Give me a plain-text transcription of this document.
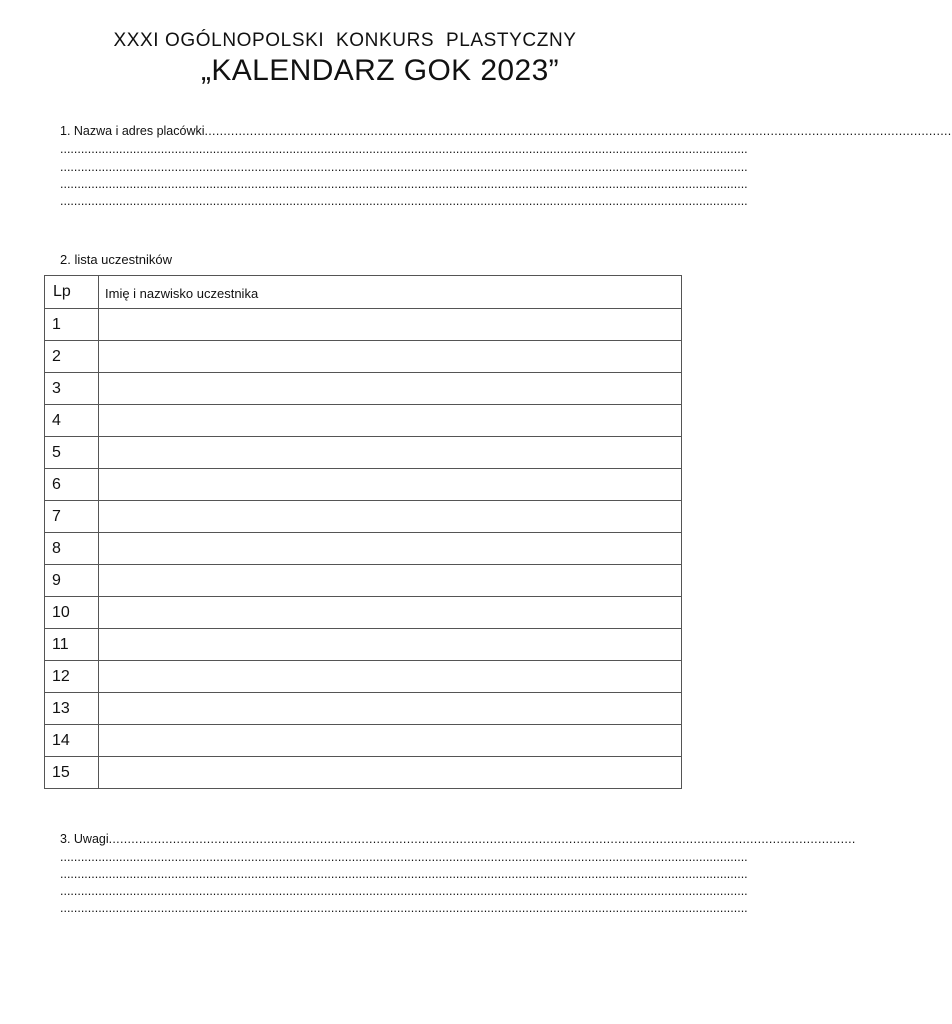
XXXI OGÓLNOPOLSKI  KONKURS  PLASTYCZNY
„KALENDARZ GOK 2023”
1. Nazwa i adres placówki......................................................................................................................................................................................................
......................................................................................................................................................................................................
......................................................................................................................................................................................................
......................................................................................................................................................................................................
......................................................................................................................................................................................................
2. lista uczestników
Lp	Imię i nazwisko uczestnika
1	
2	
3	
4	
5	
6	
7	
8	
9	
10	
11	
12	
13	
14	
15	
3. Uwagi......................................................................................................................................................................................................
......................................................................................................................................................................................................
......................................................................................................................................................................................................
......................................................................................................................................................................................................
......................................................................................................................................................................................................
